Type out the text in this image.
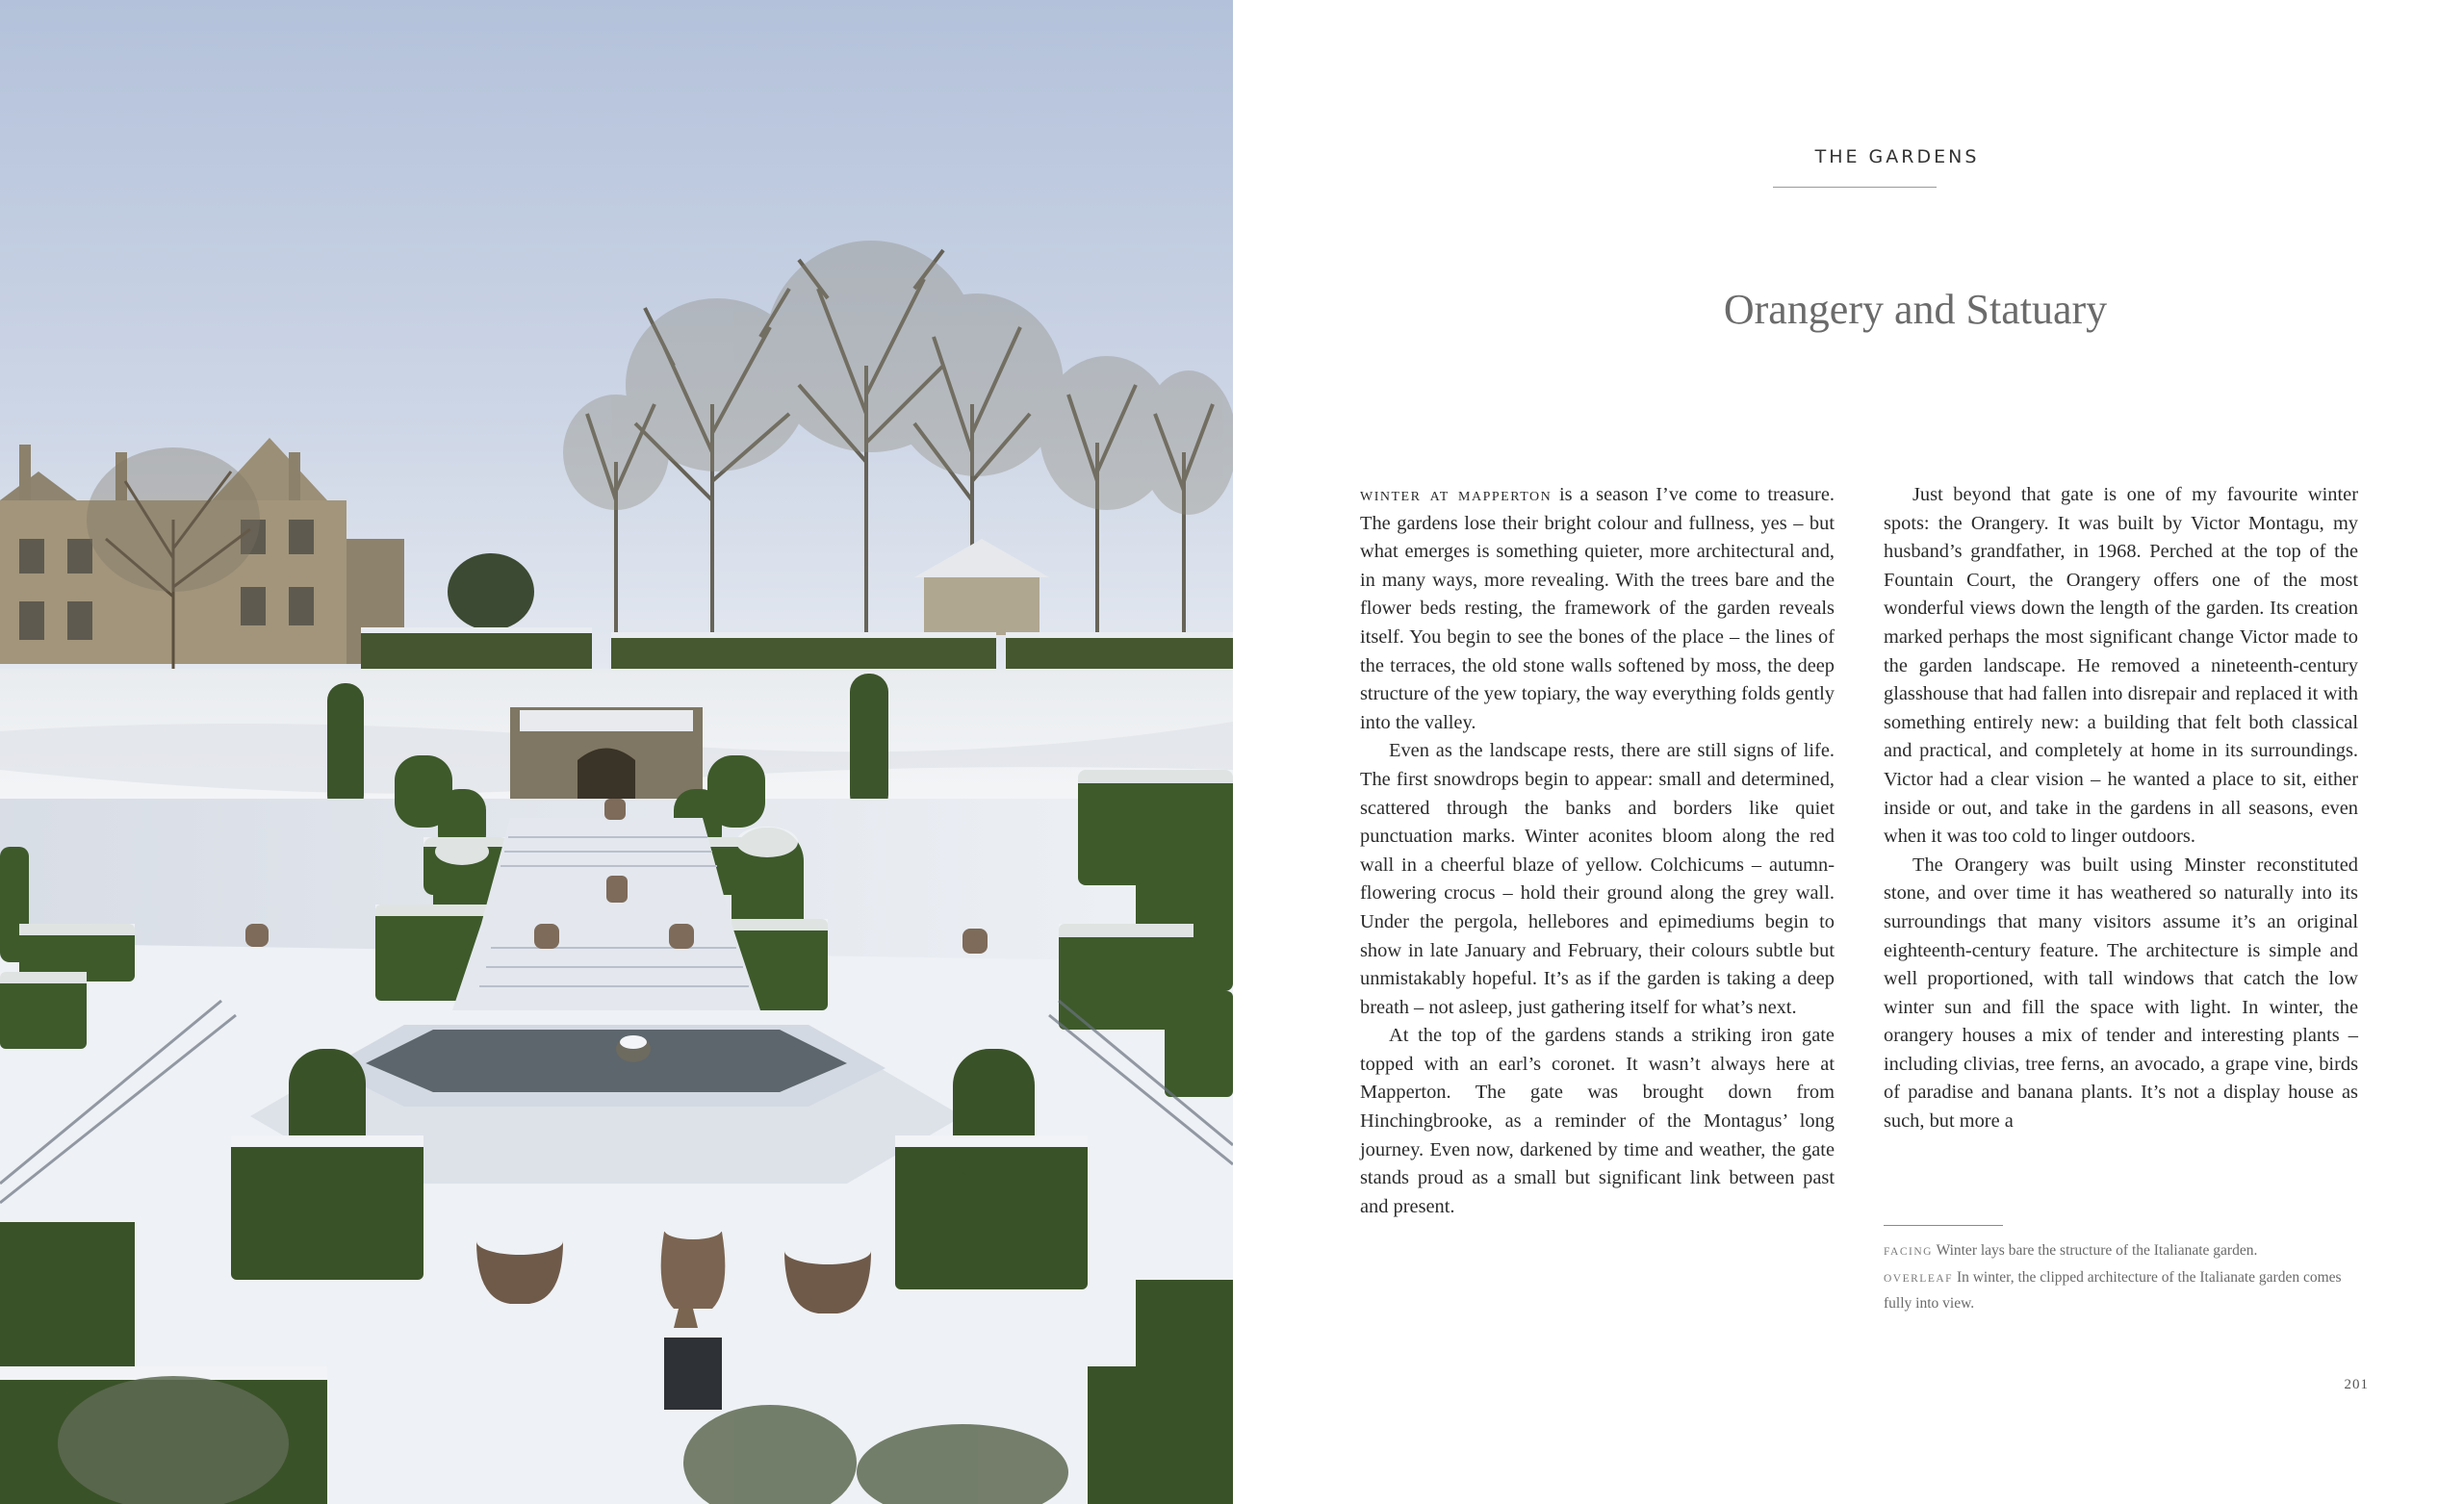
THE GARDENS
Orangery and Statuary

winter at mapperton is a season I’ve come to treasure. The gardens lose their bright colour and fullness, yes – but what emerges is something quieter, more architectural and, in many ways, more revealing. With the trees bare and the flower beds resting, the framework of the garden reveals itself. You begin to see the bones of the place – the lines of the terraces, the old stone walls softened by moss, the deep structure of the yew topiary, the way everything folds gently into the valley.

Even as the landscape rests, there are still signs of life. The first snowdrops begin to appear: small and determined, scattered through the banks and borders like quiet punctuation marks. Winter aconites bloom along the red wall in a cheerful blaze of yellow. Colchicums – autumn-flowering crocus – hold their ground along the grey wall. Under the pergola, hellebores and epimediums begin to show in late January and February, their colours subtle but unmistakably hopeful. It’s as if the garden is taking a deep breath – not asleep, just gathering itself for what’s next.

At the top of the gardens stands a striking iron gate topped with an earl’s coronet. It wasn’t always here at Mapperton. The gate was brought down from Hinchingbrooke, as a reminder of the Montagus’ long journey. Even now, darkened by time and weather, the gate stands proud as a small but significant link between past and present.

Just beyond that gate is one of my favourite winter spots: the Orangery. It was built by Victor Montagu, my husband’s grandfather, in 1968. Perched at the top of the Fountain Court, the Orangery offers one of the most wonderful views down the length of the garden. Its creation marked perhaps the most significant change Victor made to the garden landscape. He removed a nineteenth-century glasshouse that had fallen into disrepair and replaced it with something entirely new: a building that felt both classical and practical, and completely at home in its surroundings. Victor had a clear vision – he wanted a place to sit, either inside or out, and take in the gardens in all seasons, even when it was too cold to linger outdoors.

The Orangery was built using Minster reconstituted stone, and over time it has weathered so naturally into its surroundings that many visitors assume it’s an original eighteenth-century feature. The architecture is simple and well proportioned, with tall windows that catch the low winter sun and fill the space with light. In winter, the orangery houses a mix of tender and interesting plants – including clivias, tree ferns, an avocado, a grape vine, birds of paradise and banana plants. It’s not a display house as such, but more a

FACING Winter lays bare the structure of the Italianate garden.
OVERLEAF In winter, the clipped architecture of the Italianate garden comes fully into view.
201
